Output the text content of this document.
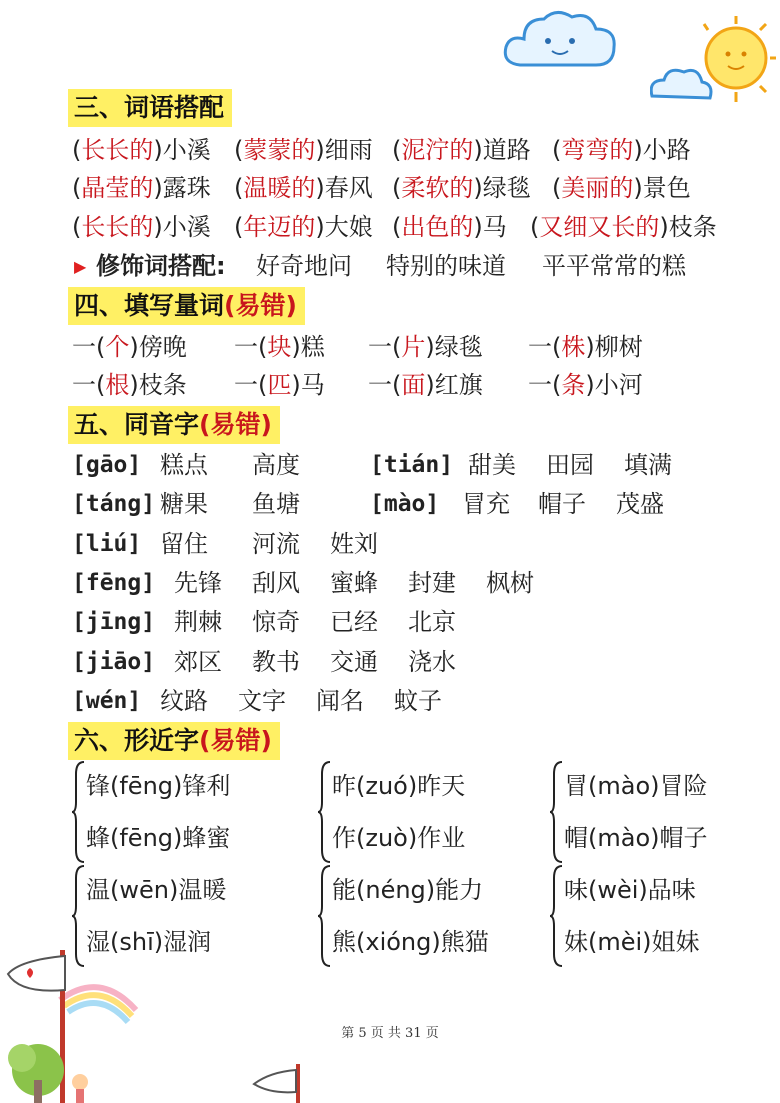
三、词语搭配
(长长的)小溪 (蒙蒙的)细雨 (泥泞的)道路 (弯弯的)小路
(晶莹的)露珠 (温暖的)春风 (柔软的)绿毯 (美丽的)景色
(长长的)小溪 (年迈的)大娘 (出色的)马 (又细又长的)枝条
▶ 修饰词搭配: 好奇地问 特别的味道 平平常常的糕
四、填写量词(易错)
一(个)傍晚 一(块)糕 一(片)绿毯 一(株)柳树
一(根)枝条 一(匹)马 一(面)红旗 一(条)小河
五、同音字(易错)
[gāo] 糕点 高度	[tián] 甜美 田园 填满
[táng] 糖果 鱼塘	[mào] 冒充 帽子 茂盛
[liú] 留住 河流 姓刘
[fēng] 先锋 刮风 蜜蜂 封建 枫树
[jīng] 荆棘 惊奇 已经 北京
[jiāo] 郊区 教书 交通 浇水
[wén] 纹路 文字 闻名 蚊子
六、形近字(易错)
锋(fēng)锋利
蜂(fēng)蜂蜜
昨(zuó)昨天
作(zuò)作业
冒(mào)冒险
帽(mào)帽子
温(wēn)温暖
湿(shī)湿润
能(néng)能力
熊(xióng)熊猫
味(wèi)品味
妹(mèi)姐妹
第 5 页 共 31 页
